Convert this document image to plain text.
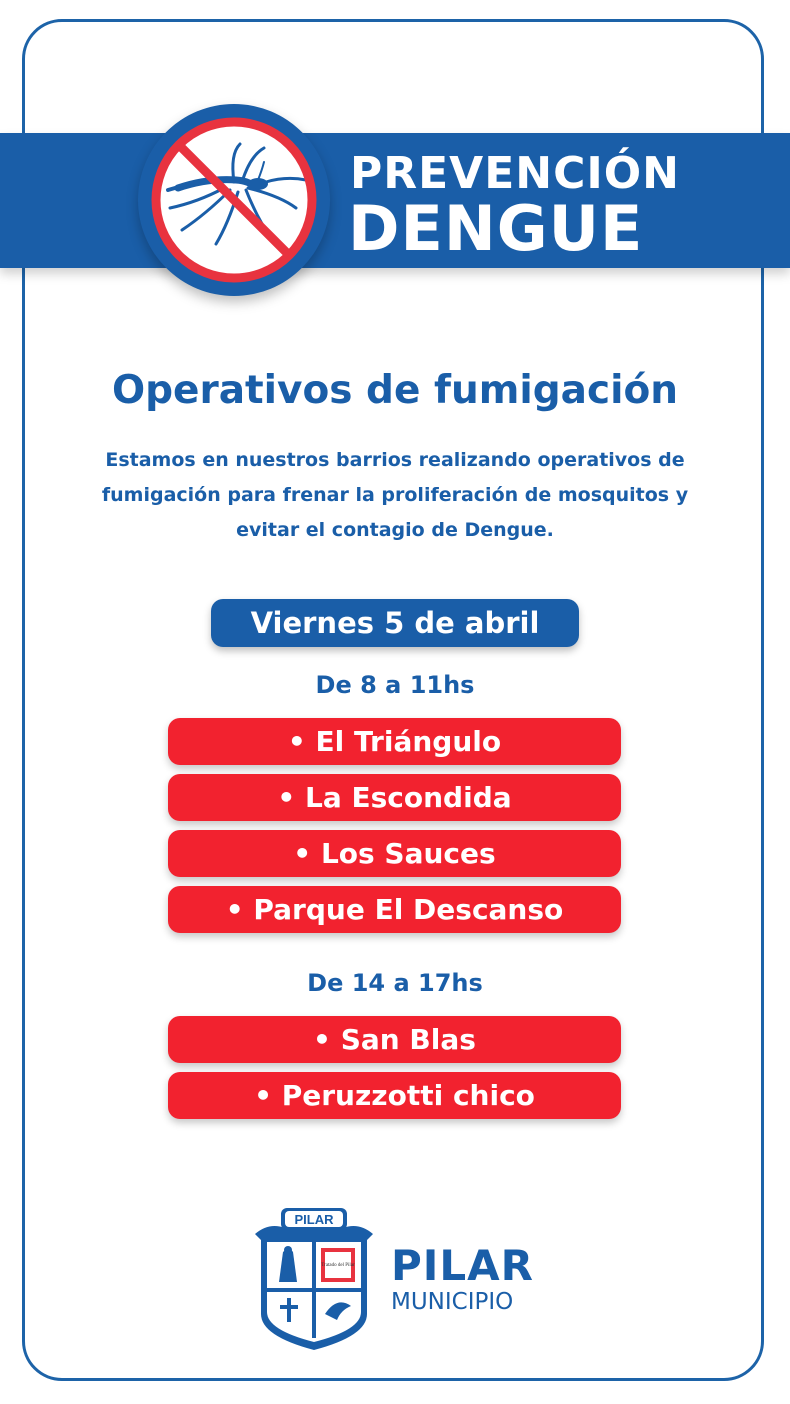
PREVENCIÓN
DENGUE
Operativos de fumigación
Estamos en nuestros barrios realizando operativos de fumigación para frenar la proliferación de mosquitos y evitar el contagio de Dengue.
Viernes 5 de abril
De 8 a 11hs
• El Triángulo
• La Escondida
• Los Sauces
• Parque El Descanso
De 14 a 17hs
• San Blas
• Peruzzotti chico
PILAR
Tratado del Pilar PILAR
MUNICIPIO
